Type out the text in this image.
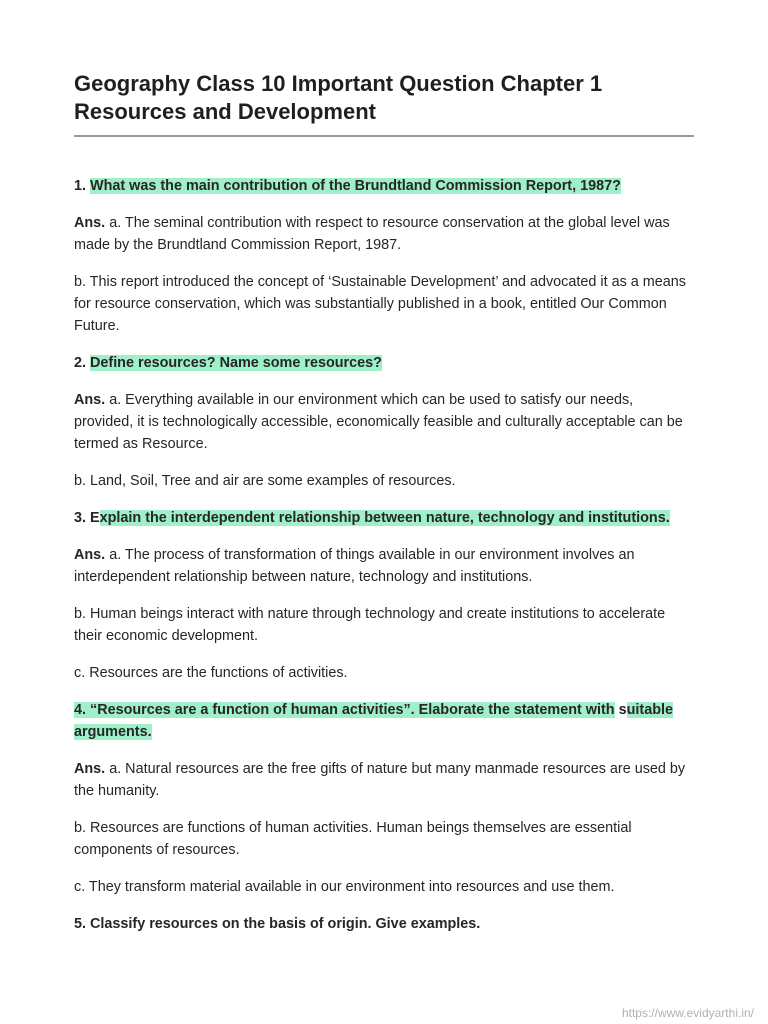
Geography Class 10 Important Question Chapter 1
Resources and Development

1. What was the main contribution of the Brundtland Commission Report, 1987?

Ans. a. The seminal contribution with respect to resource conservation at the global level was made by the Brundtland Commission Report, 1987.

b. This report introduced the concept of ‘Sustainable Development’ and advocated it as a means for resource conservation, which was substantially published in a book, entitled Our Common Future.

2. Define resources? Name some resources?

Ans. a. Everything available in our environment which can be used to satisfy our needs, provided, it is technologically accessible, economically feasible and culturally acceptable can be termed as Resource.

b. Land, Soil, Tree and air are some examples of resources.

3. Explain the interdependent relationship between nature, technology and institutions.

Ans. a. The process of transformation of things available in our environment involves an interdependent relationship between nature, technology and institutions.

b. Human beings interact with nature through technology and create institutions to accelerate their economic development.

c. Resources are the functions of activities.

4. “Resources are a function of human activities”. Elaborate the statement with suitable arguments.

Ans. a. Natural resources are the free gifts of nature but many manmade resources are used by the humanity.

b. Resources are functions of human activities. Human beings themselves are essential components of resources.

c. They transform material available in our environment into resources and use them.

5. Classify resources on the basis of origin. Give examples.

https://www.evidyarthi.in/
